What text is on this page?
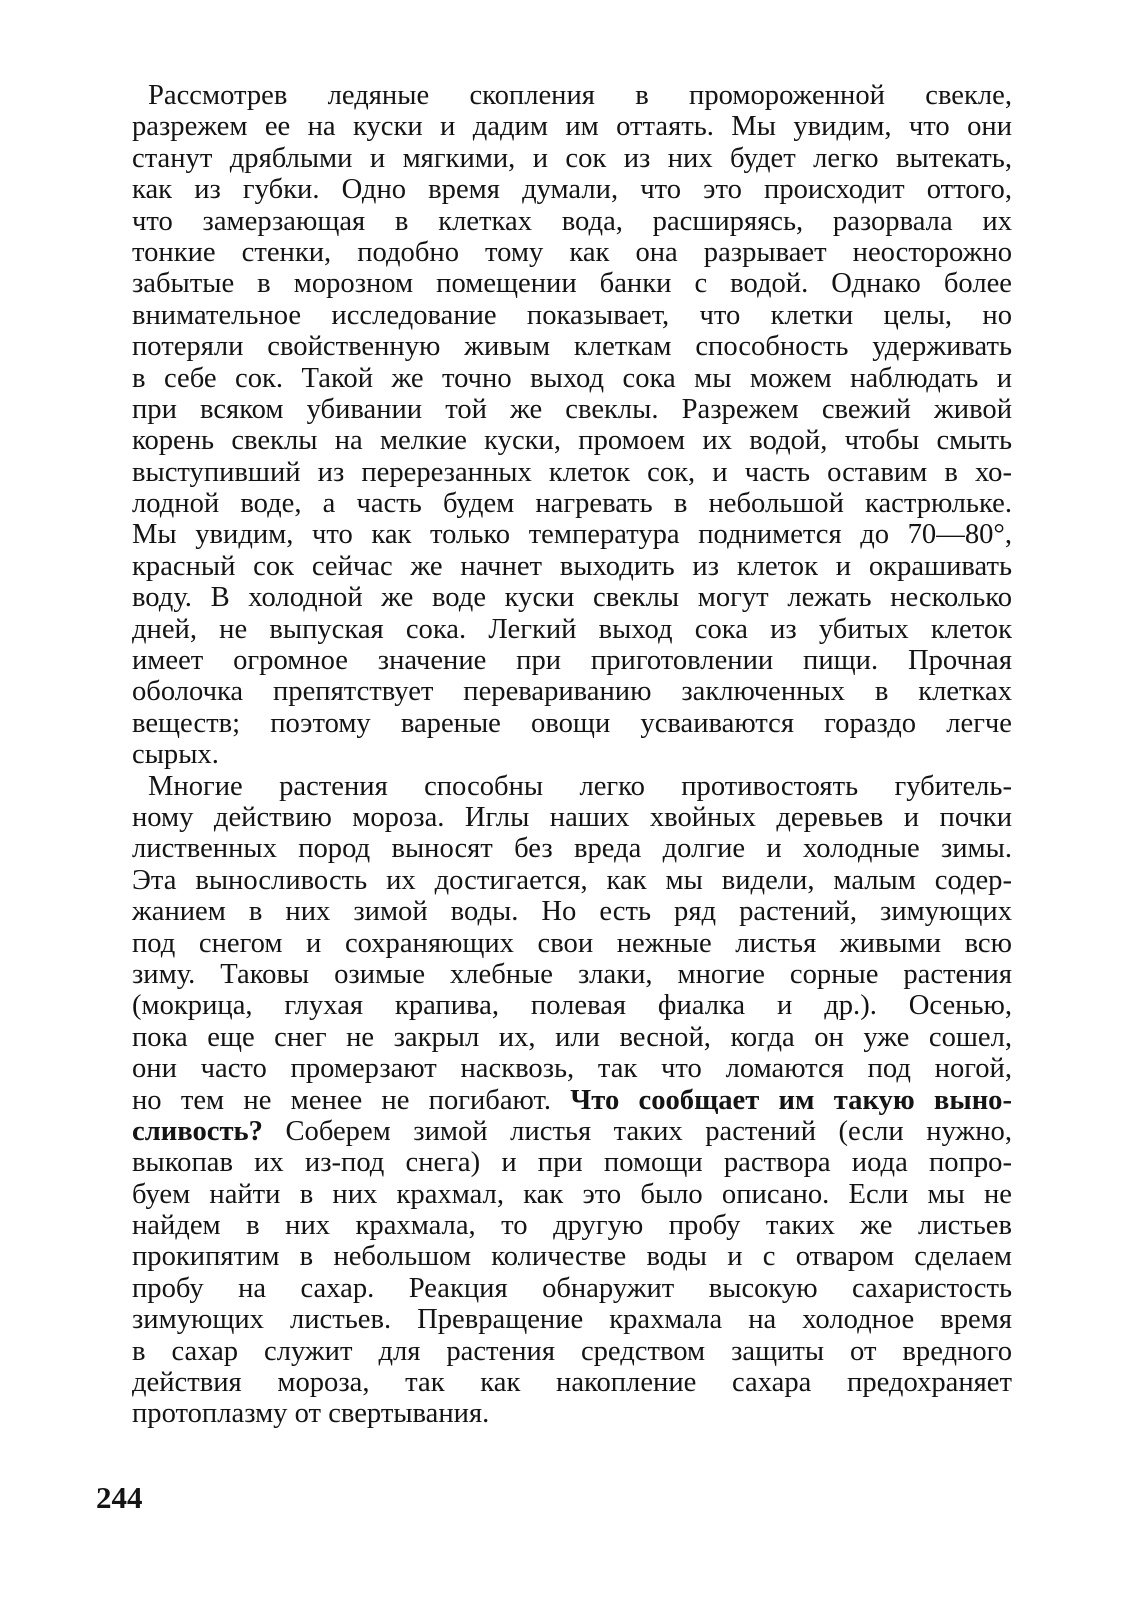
Рассмотрев ледяные скопления в промороженной свекле,
разрежем ее на куски и дадим им оттаять. Мы увидим, что они
станут дряблыми и мягкими, и сок из них будет легко вытекать,
как из губки. Одно время думали, что это происходит оттого,
что замерзающая в клетках вода, расширяясь, разорвала их
тонкие стенки, подобно тому как она разрывает неосторожно
забытые в морозном помещении банки с водой. Однако более
внимательное исследование показывает, что клетки целы, но
потеряли свойственную живым клеткам способность удерживать
в себе сок. Такой же точно выход сока мы можем наблюдать и
при всяком убивании той же свеклы. Разрежем свежий живой
корень свеклы на мелкие куски, промоем их водой, чтобы смыть
выступивший из перерезанных клеток сок, и часть оставим в хо-
лодной воде, а часть будем нагревать в небольшой кастрюльке.
Мы увидим, что как только температура поднимется до 70—80°,
красный сок сейчас же начнет выходить из клеток и окрашивать
воду. В холодной же воде куски свеклы могут лежать несколько
дней, не выпуская сока. Легкий выход сока из убитых клеток
имеет огромное значение при приготовлении пищи. Прочная
оболочка препятствует перевариванию заключенных в клетках
веществ; поэтому вареные овощи усваиваются гораздо легче
сырых.
Многие растения способны легко противостоять губитель-
ному действию мороза. Иглы наших хвойных деревьев и почки
лиственных пород выносят без вреда долгие и холодные зимы.
Эта выносливость их достигается, как мы видели, малым содер-
жанием в них зимой воды. Но есть ряд растений, зимующих
под снегом и сохраняющих свои нежные листья живыми всю
зиму. Таковы озимые хлебные злаки, многие сорные растения
(мокрица, глухая крапива, полевая фиалка и др.). Осенью,
пока еще снег не закрыл их, или весной, когда он уже сошел,
они часто промерзают насквозь, так что ломаются под ногой,
но тем не менее не погибают. Что сообщает им такую выно-
сливость? Соберем зимой листья таких растений (если нужно,
выкопав их из-под снега) и при помощи раствора иода попро-
буем найти в них крахмал, как это было описано. Если мы не
найдем в них крахмала, то другую пробу таких же листьев
прокипятим в небольшом количестве воды и с отваром сделаем
пробу на сахар. Реакция обнаружит высокую сахаристость
зимующих листьев. Превращение крахмала на холодное время
в сахар служит для растения средством защиты от вредного
действия мороза, так как накопление сахара предохраняет
протоплазму от свертывания.
244
